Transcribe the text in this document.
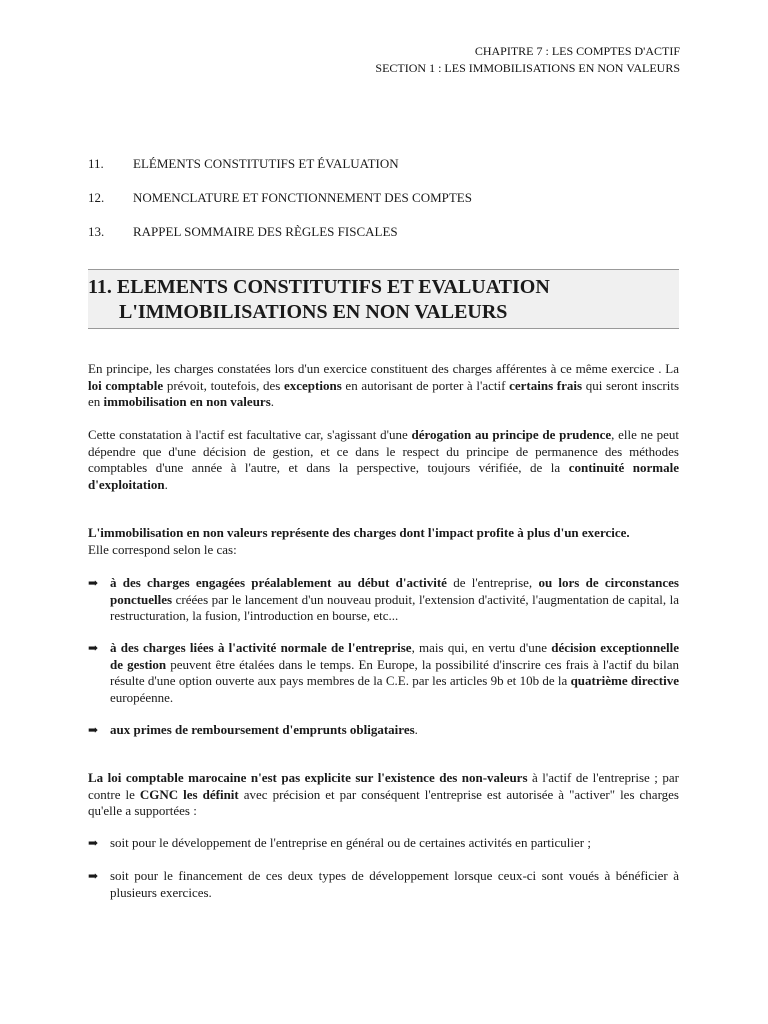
CHAPITRE 7 : LES COMPTES D'ACTIF
SECTION 1 : LES IMMOBILISATIONS EN NON VALEURS
11. ELÉMENTS CONSTITUTIFS ET ÉVALUATION
12. NOMENCLATURE ET FONCTIONNEMENT DES COMPTES
13. RAPPEL SOMMAIRE DES RÈGLES FISCALES
11. ELEMENTS CONSTITUTIFS ET EVALUATION
L'IMMOBILISATIONS EN NON VALEURS
En principe, les charges constatées lors d'un exercice constituent des charges afférentes à ce même exercice . La loi comptable prévoit, toutefois, des exceptions en autorisant de porter à l'actif certains frais qui seront inscrits en immobilisation en non valeurs.
Cette constatation à l'actif est facultative car, s'agissant d'une dérogation au principe de prudence, elle ne peut dépendre que d'une décision de gestion, et ce dans le respect du principe de permanence des méthodes comptables d'une année à l'autre, et dans la perspective, toujours vérifiée, de la continuité normale d'exploitation.
L'immobilisation en non valeurs représente des charges dont l'impact profite à plus d'un exercice.
Elle correspond selon le cas:
➡ à des charges engagées préalablement au début d'activité de l'entreprise, ou lors de circonstances ponctuelles créées par le lancement d'un nouveau produit, l'extension d'activité, l'augmentation de capital, la restructuration, la fusion, l'introduction en bourse, etc...
➡ à des charges liées à l'activité normale de l'entreprise, mais qui, en vertu d'une décision exceptionnelle de gestion peuvent être étalées dans le temps. En Europe, la possibilité d'inscrire ces frais à l'actif du bilan résulte d'une option ouverte aux pays membres de la C.E. par les articles 9b et 10b de la quatrième directive européenne.
➡ aux primes de remboursement d'emprunts obligataires.
La loi comptable marocaine n'est pas explicite sur l'existence des non-valeurs à l'actif de l'entreprise ; par contre le CGNC les définit avec précision et par conséquent l'entreprise est autorisée à "activer" les charges qu'elle a supportées :
➡ soit pour le développement de l'entreprise en général ou de certaines activités en particulier ;
➡ soit pour le financement de ces deux types de développement lorsque ceux-ci sont voués à bénéficier à plusieurs exercices.
